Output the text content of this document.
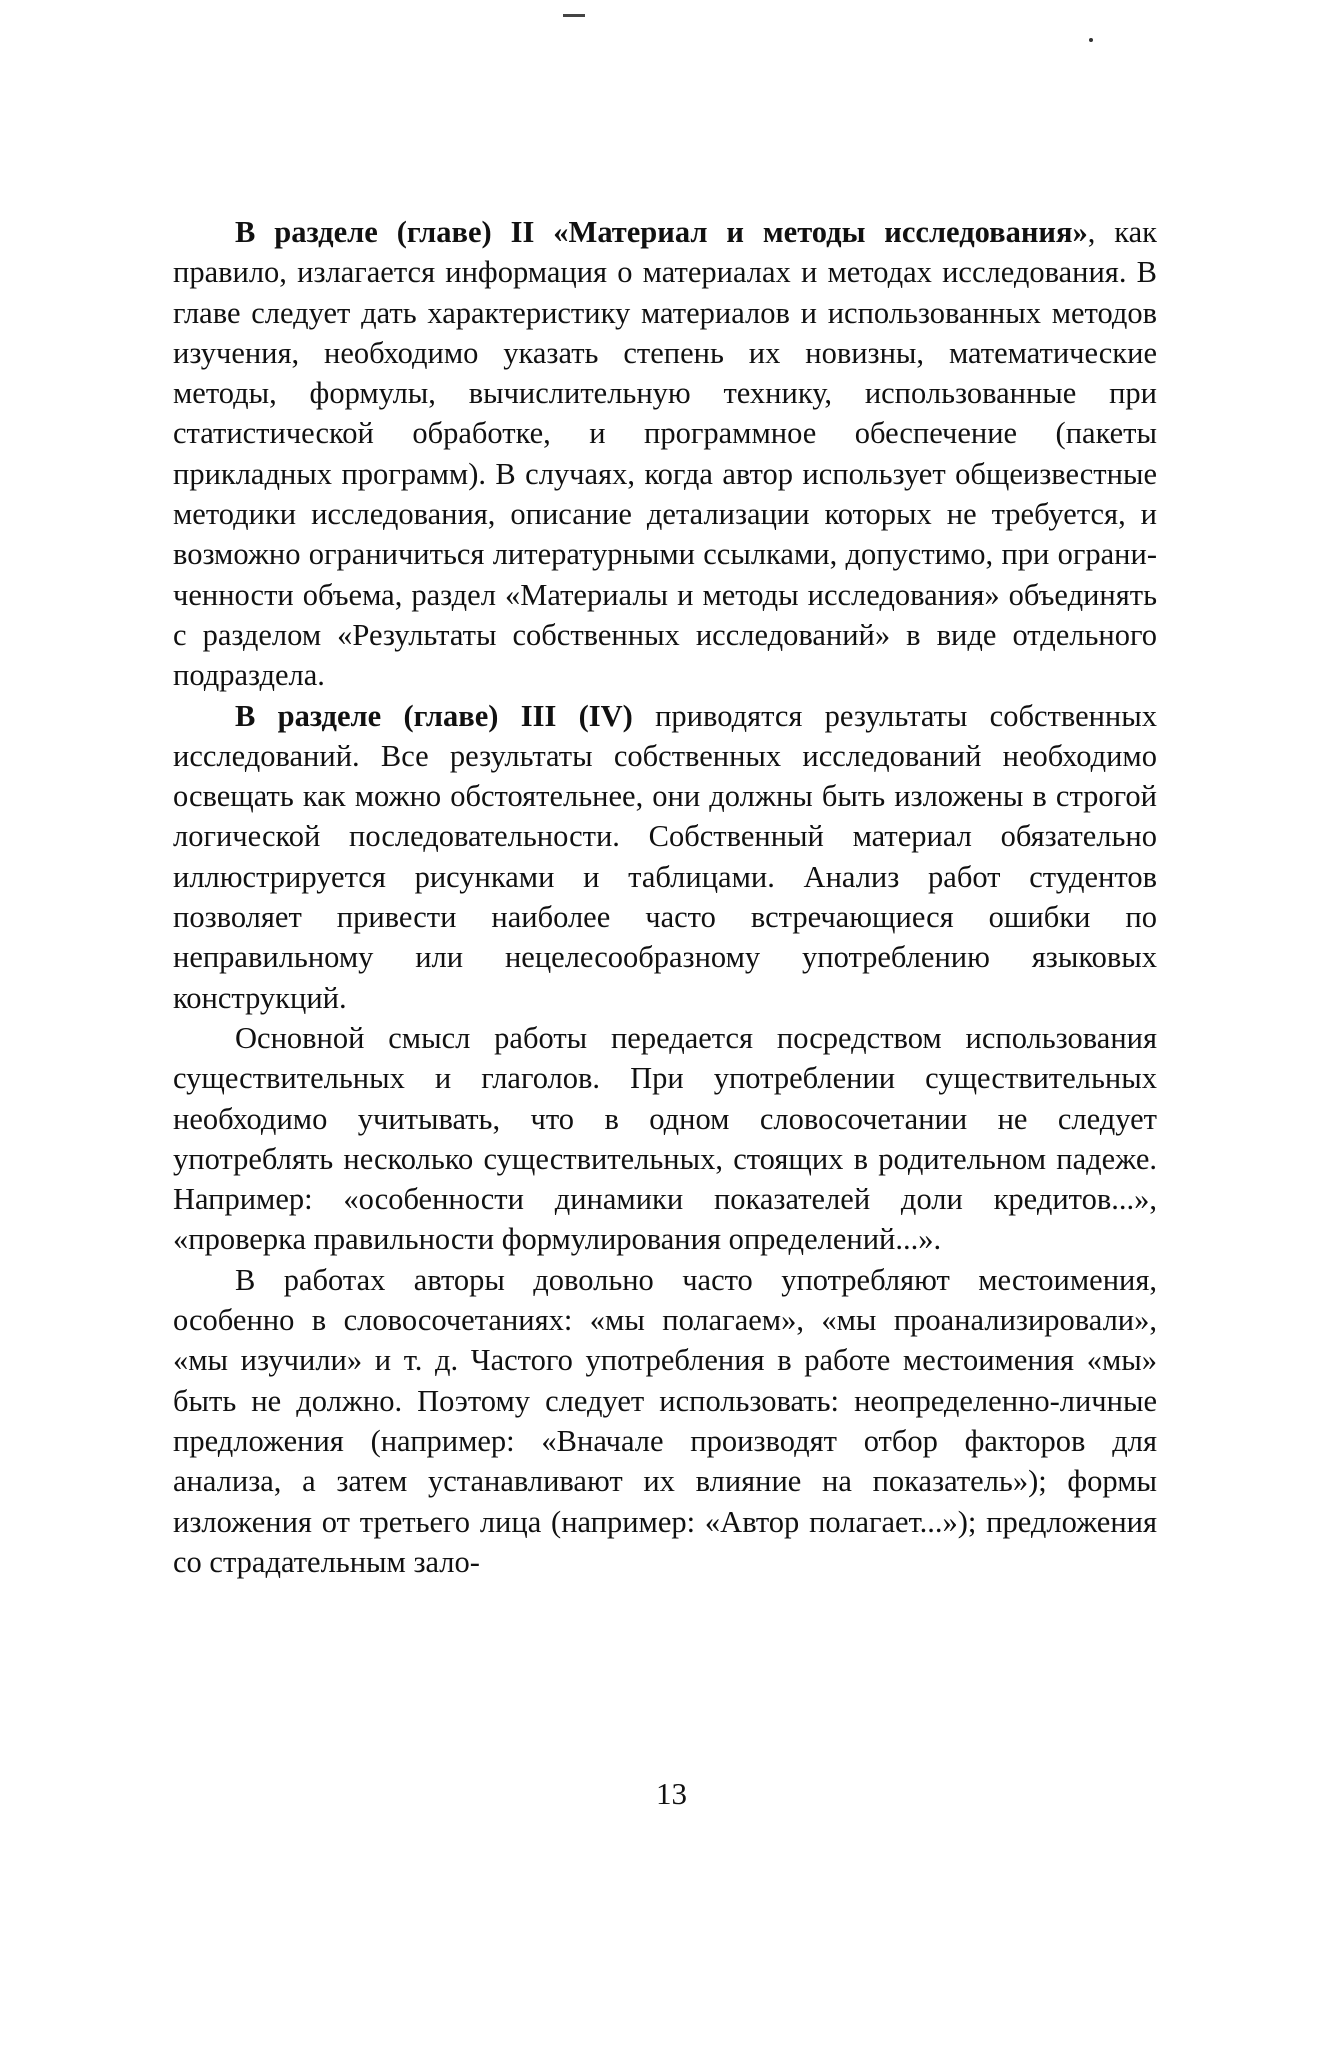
В разделе (главе) II «Материал и методы исследования», как правило, излагается информация о материалах и методах исследования. В главе следует дать характеристику материалов и использованных методов изучения, необходимо указать степень их новизны, математические методы, формулы, вычислительную технику, использованные при статистической обработке, и программное обеспечение (пакеты прикладных программ). В случаях, когда автор использует общеизвестные методики исследования, описание детализации которых не требуется, и возможно ограничиться литературными ссылками, допустимо, при ограниченности объема, раздел «Материалы и методы исследования» объединять с разделом «Результаты собственных исследований» в виде отдельного подраздела.

В разделе (главе) III (IV) приводятся результаты собственных исследований. Все результаты собственных исследований необходимо освещать как можно обстоятельнее, они должны быть изложены в строгой логической последовательности. Собственный материал обязательно иллюстрируется рисунками и таблицами. Анализ работ студентов позволяет привести наиболее часто встречающиеся ошибки по неправильному или нецелесообразному употреблению языковых конструкций.

Основной смысл работы передается посредством использования существительных и глаголов. При употреблении существительных необходимо учитывать, что в одном словосочетании не следует употреблять несколько существительных, стоящих в родительном падеже. Например: «особенности динамики показателей доли кредитов...», «проверка правильности формулирования определений...».

В работах авторы довольно часто употребляют местоимения, особенно в словосочетаниях: «мы полагаем», «мы проанализировали», «мы изучили» и т. д. Частого употребления в работе местоимения «мы» быть не должно. Поэтому следует использовать: неопределенно-личные предложения (например: «Вначале производят отбор факторов для анализа, а затем устанавливают их влияние на показатель»); формы изложения от третьего лица (например: «Автор полагает...»); предложения со страдательным зало-

13
